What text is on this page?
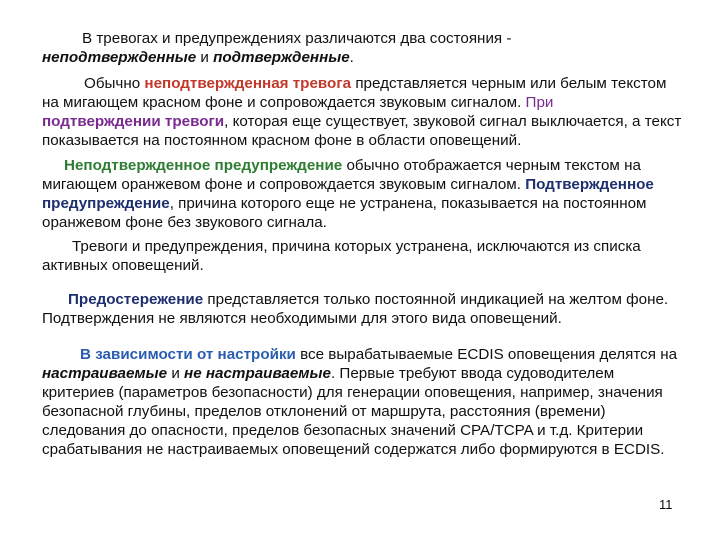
В тревогах и предупреждениях различаются два состояния -
неподтвержденные и подтвержденные.

Обычно неподтвержденная тревога представляется черным или белым текстом на мигающем красном фоне и сопровождается звуковым сигналом. При
подтверждении тревоги, которая еще существует, звуковой сигнал выключается, а текст показывается на постоянном красном фоне в области оповещений.

Неподтвержденное предупреждение обычно отображается черным текстом на мигающем оранжевом фоне и сопровождается звуковым сигналом. Подтвержденное предупреждение, причина которого еще не устранена, показывается на постоянном оранжевом фоне без звукового сигнала.

Тревоги и предупреждения, причина которых устранена, исключаются из списка активных оповещений.

Предостережение представляется только постоянной индикацией на желтом фоне. Подтверждения не являются необходимыми для этого вида оповещений.

В зависимости от настройки все вырабатываемые ECDIS оповещения делятся на настраиваемые и не настраиваемые. Первые требуют ввода судоводителем критериев (параметров безопасности) для генерации оповещения, например, значения безопасной глубины, пределов отклонений от маршрута, расстояния (времени) следования до опасности, пределов безопасных значений CPA/TCPA и т.д. Критерии срабатывания не настраиваемых оповещений содержатся либо формируются в ECDIS.

11
